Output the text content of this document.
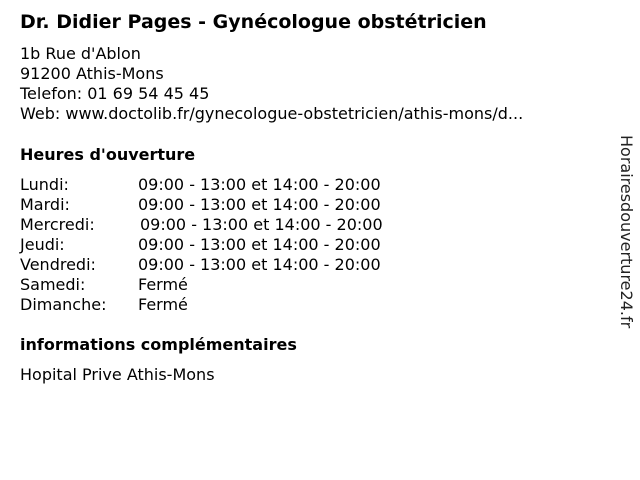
Dr. Didier Pages - Gynécologue obstétricien
1b Rue d'Ablon
91200 Athis-Mons
Telefon: 01 69 54 45 45
Web: www.doctolib.fr/gynecologue-obstetricien/athis-mons/d...
Heures d'ouverture
Lundi:	09:00 - 13:00 et 14:00 - 20:00
Mardi:	09:00 - 13:00 et 14:00 - 20:00
Mercredi:	09:00 - 13:00 et 14:00 - 20:00
Jeudi:	09:00 - 13:00 et 14:00 - 20:00
Vendredi:	09:00 - 13:00 et 14:00 - 20:00
Samedi:	Fermé
Dimanche: Fermé
informations complémentaires
Hopital Prive Athis-Mons
Horairesdouverture24.fr
